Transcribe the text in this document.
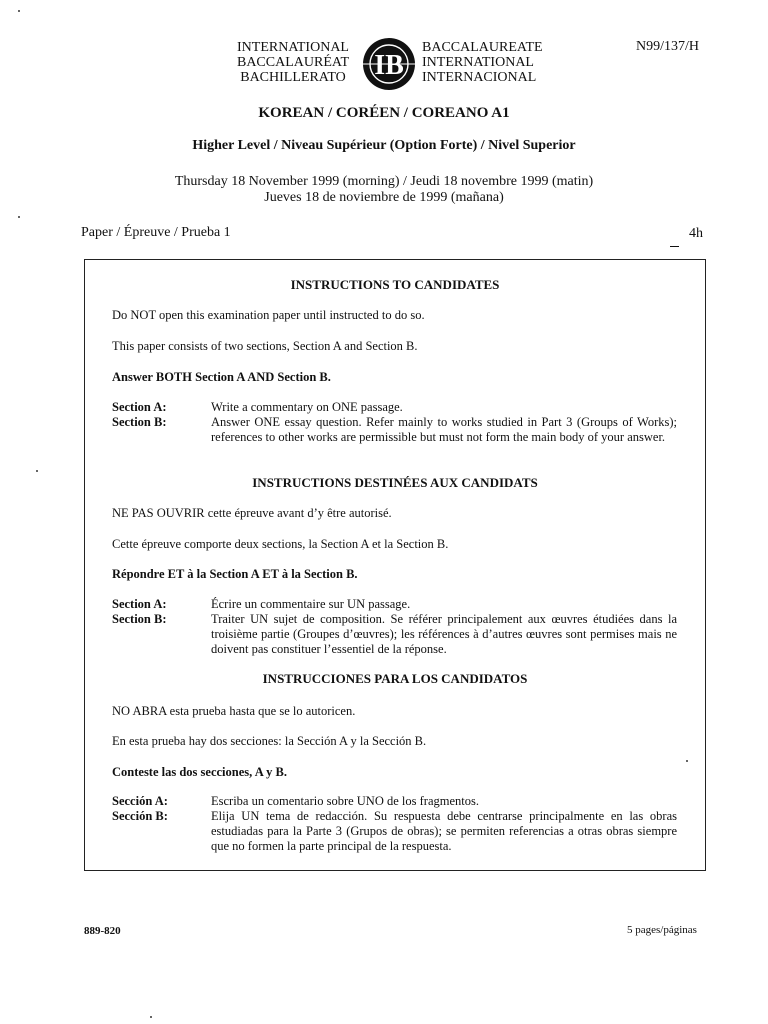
INTERNATIONAL
BACCALAURÉAT
BACHILLERATO	IB
BACCALAUREATE
INTERNATIONAL
INTERNACIONAL
N99/137/H
KOREAN / CORÉEN / COREANO A1
Higher Level / Niveau Supérieur (Option Forte) / Nivel Superior
Thursday 18 November 1999 (morning) / Jeudi 18 novembre 1999 (matin)
Jueves 18 de noviembre de 1999 (mañana)
Paper / Épreuve / Prueba 1	4h
INSTRUCTIONS TO CANDIDATES
Do NOT open this examination paper until instructed to do so.
This paper consists of two sections, Section A and Section B.
Answer BOTH Section A AND Section B.
Section A:	Write a commentary on ONE passage.
Section B:	Answer ONE essay question. Refer mainly to works studied in Part 3 (Groups of Works); references to other works are permissible but must not form the main body of your answer.
INSTRUCTIONS DESTINÉES AUX CANDIDATS
NE PAS OUVRIR cette épreuve avant d’y être autorisé.
Cette épreuve comporte deux sections, la Section A et la Section B.
Répondre ET à la Section A ET à la Section B.
Section A:	Écrire un commentaire sur UN passage.
Section B:	Traiter UN sujet de composition. Se référer principalement aux œuvres étudiées dans la troisième partie (Groupes d’œuvres); les références à d’autres œuvres sont permises mais ne doivent pas constituer l’essentiel de la réponse.
INSTRUCCIONES PARA LOS CANDIDATOS
NO ABRA esta prueba hasta que se lo autoricen.
En esta prueba hay dos secciones: la Sección A y la Sección B.
Conteste las dos secciones, A y B.
Sección A:	Escriba un comentario sobre UNO de los fragmentos.
Sección B:	Elija UN tema de redacción. Su respuesta debe centrarse principalmente en las obras estudiadas para la Parte 3 (Grupos de obras); se permiten referencias a otras obras siempre que no formen la parte principal de la respuesta.
889-820	5 pages/páginas
